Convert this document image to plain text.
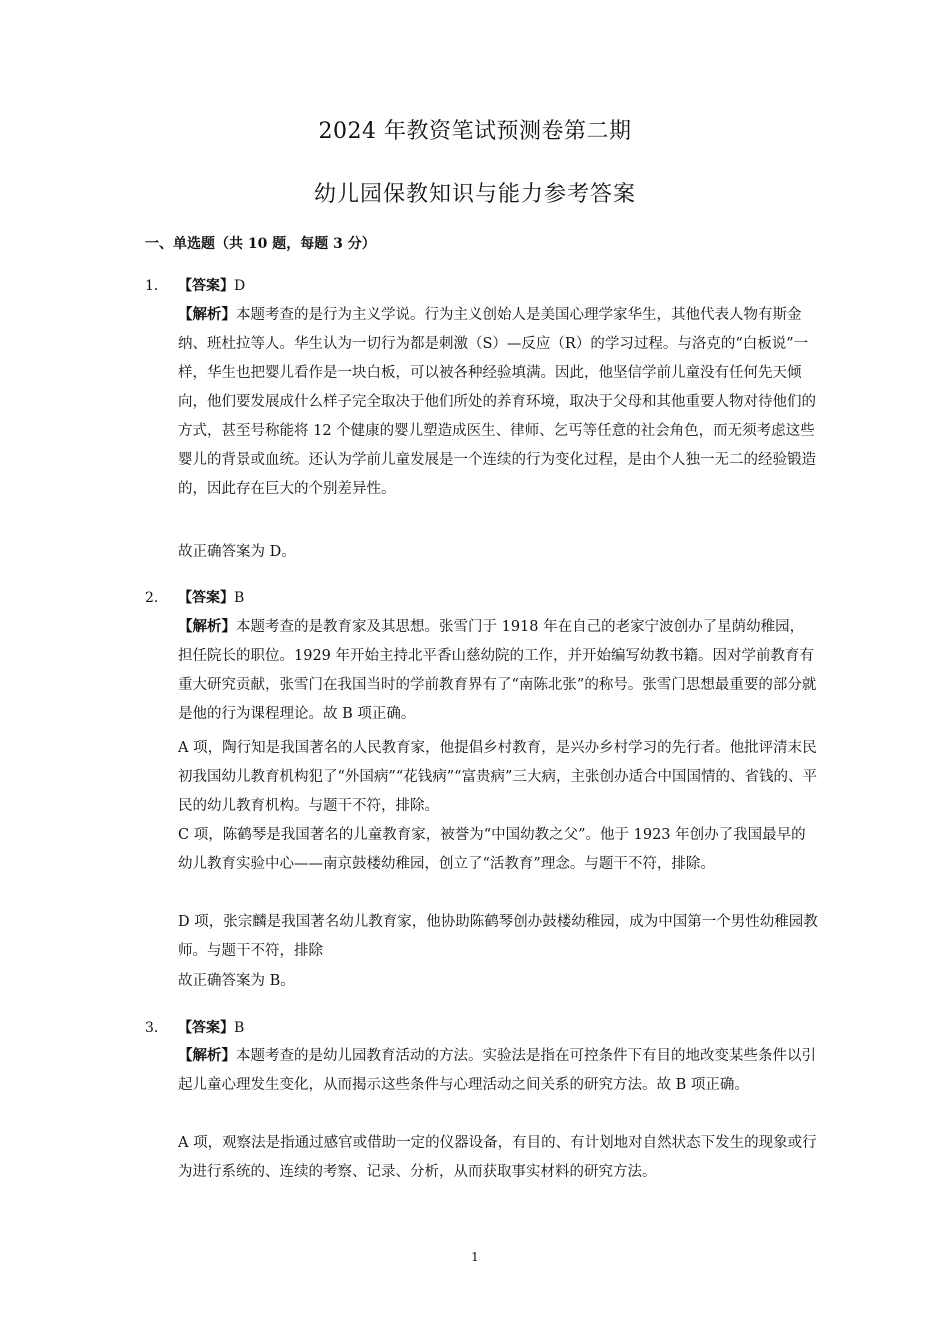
2024 年教资笔试预测卷第二期
幼儿园保教知识与能力参考答案
一、单选题（共 10 题，每题 3 分）
1． 【答案】D
【解析】本题考查的是行为主义学说。行为主义创始人是美国心理学家华生，其他代表人物有斯金纳、班杜拉等人。华生认为一切行为都是刺激（S）—反应（R）的学习过程。与洛克的“白板说”一样，华生也把婴儿看作是一块白板，可以被各种经验填满。因此，他坚信学前儿童没有任何先天倾向，他们要发展成什么样子完全取决于他们所处的养育环境，取决于父母和其他重要人物对待他们的方式，甚至号称能将 12 个健康的婴儿塑造成医生、律师、乞丐等任意的社会角色，而无须考虑这些婴儿的背景或血统。还认为学前儿童发展是一个连续的行为变化过程，是由个人独一无二的经验锻造的，因此存在巨大的个别差异性。
故正确答案为 D。
2． 【答案】B
【解析】本题考查的是教育家及其思想。张雪门于 1918 年在自己的老家宁波创办了星荫幼稚园，担任院长的职位。1929 年开始主持北平香山慈幼院的工作，并开始编写幼教书籍。因对学前教育有重大研究贡献，张雪门在我国当时的学前教育界有了“南陈北张”的称号。张雪门思想最重要的部分就是他的行为课程理论。故 B 项正确。
A 项，陶行知是我国著名的人民教育家，他提倡乡村教育，是兴办乡村学习的先行者。他批评清末民初我国幼儿教育机构犯了“外国病”“花钱病”“富贵病”三大病，主张创办适合中国国情的、省钱的、平民的幼儿教育机构。与题干不符，排除。
C 项，陈鹤琴是我国著名的儿童教育家，被誉为“中国幼教之父”。他于 1923 年创办了我国最早的幼儿教育实验中心——南京鼓楼幼稚园，创立了“活教育”理念。与题干不符，排除。
D 项，张宗麟是我国著名幼儿教育家，他协助陈鹤琴创办鼓楼幼稚园，成为中国第一个男性幼稚园教师。与题干不符，排除
故正确答案为 B。
3． 【答案】B
【解析】本题考查的是幼儿园教育活动的方法。实验法是指在可控条件下有目的地改变某些条件以引起儿童心理发生变化，从而揭示这些条件与心理活动之间关系的研究方法。故 B 项正确。
A 项，观察法是指通过感官或借助一定的仪器设备，有目的、有计划地对自然状态下发生的现象或行为进行系统的、连续的考察、记录、分析，从而获取事实材料的研究方法。
1
